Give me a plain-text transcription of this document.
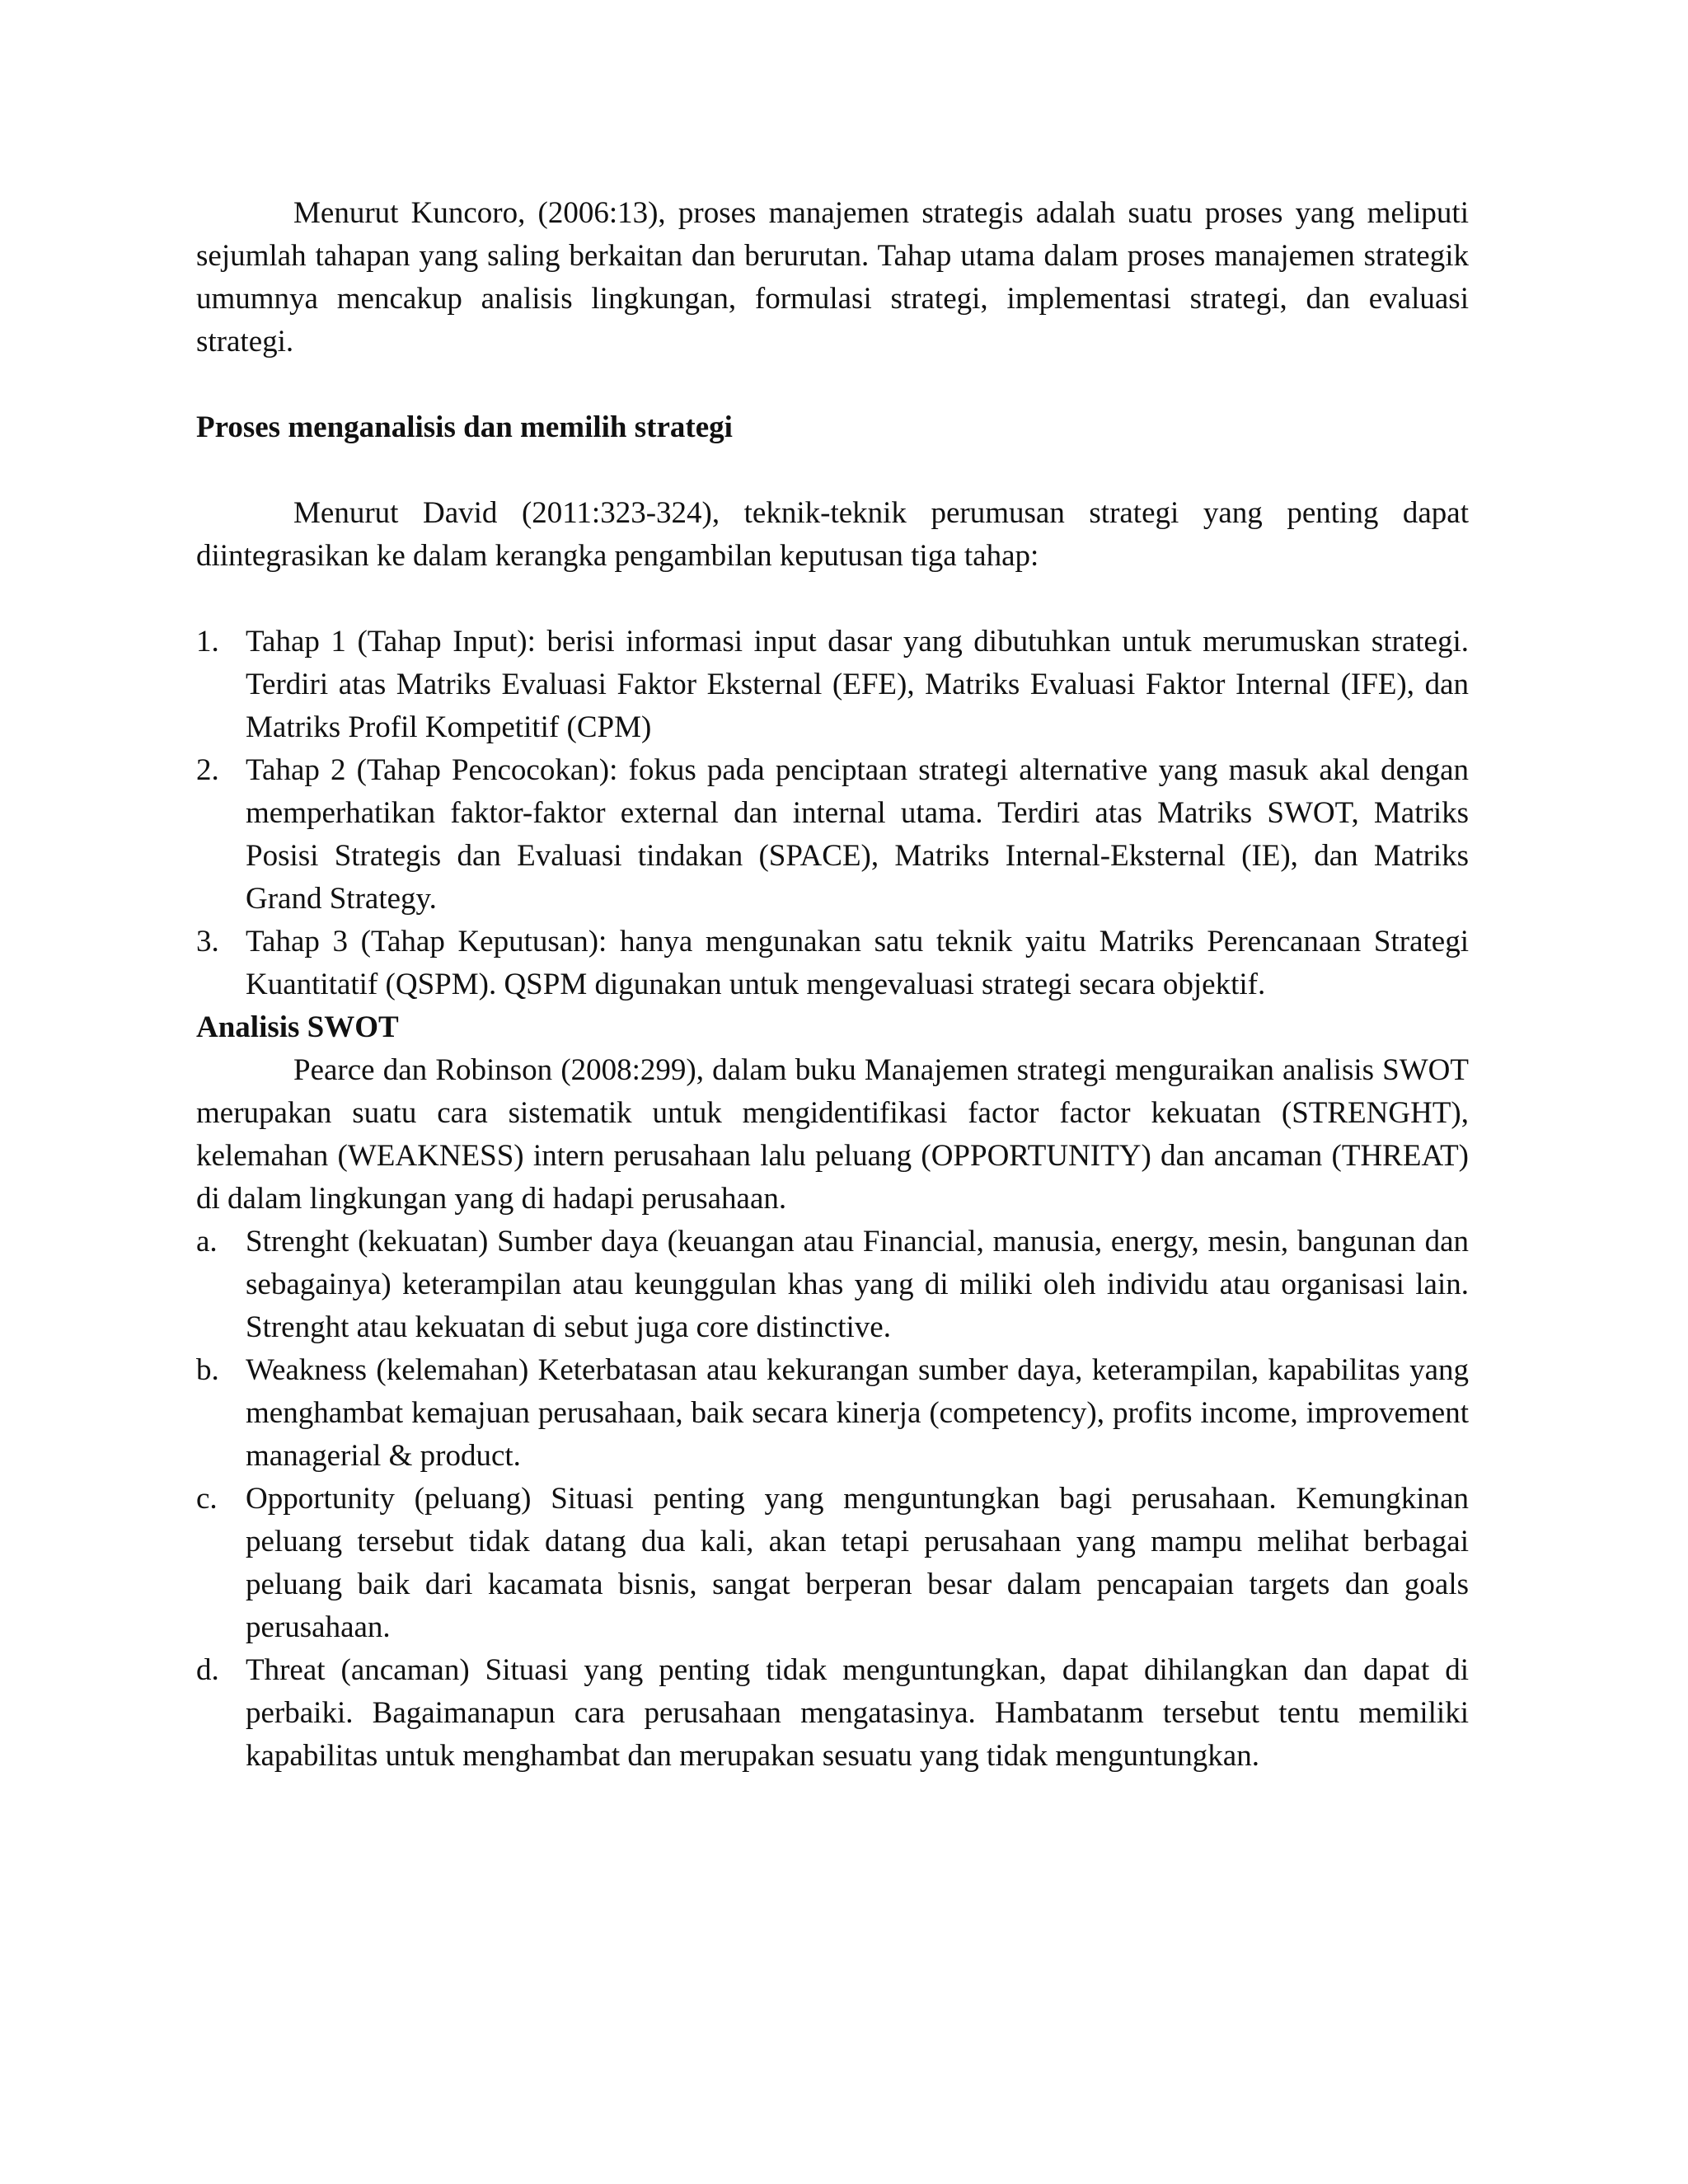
Menurut Kuncoro, (2006:13), proses manajemen strategis adalah suatu proses yang meliputi sejumlah tahapan yang saling berkaitan dan berurutan. Tahap utama dalam proses manajemen strategik umumnya mencakup analisis lingkungan, formulasi strategi, implementasi strategi, dan evaluasi strategi.

Proses menganalisis dan memilih strategi

Menurut David (2011:323-324), teknik-teknik perumusan strategi yang penting dapat diintegrasikan ke dalam kerangka pengambilan keputusan tiga tahap:

1. Tahap 1 (Tahap Input): berisi informasi input dasar yang dibutuhkan untuk merumuskan strategi. Terdiri atas Matriks Evaluasi Faktor Eksternal (EFE), Matriks Evaluasi Faktor Internal (IFE), dan Matriks Profil Kompetitif (CPM)
2. Tahap 2 (Tahap Pencocokan): fokus pada penciptaan strategi alternative yang masuk akal dengan memperhatikan faktor-faktor external dan internal utama. Terdiri atas Matriks SWOT, Matriks Posisi Strategis dan Evaluasi tindakan (SPACE), Matriks Internal-Eksternal (IE), dan Matriks Grand Strategy.
3. Tahap 3 (Tahap Keputusan): hanya mengunakan satu teknik yaitu Matriks Perencanaan Strategi Kuantitatif (QSPM). QSPM digunakan untuk mengevaluasi strategi secara objektif.

Analisis SWOT

Pearce dan Robinson (2008:299), dalam buku Manajemen strategi menguraikan analisis SWOT merupakan suatu cara sistematik untuk mengidentifikasi factor factor kekuatan (STRENGHT), kelemahan (WEAKNESS) intern perusahaan lalu peluang (OPPORTUNITY) dan ancaman (THREAT) di dalam lingkungan yang di hadapi perusahaan.

a. Strenght (kekuatan) Sumber daya (keuangan atau Financial, manusia, energy, mesin, bangunan dan sebagainya) keterampilan atau keunggulan khas yang di miliki oleh individu atau organisasi lain. Strenght atau kekuatan di sebut juga core distinctive.
b. Weakness (kelemahan) Keterbatasan atau kekurangan sumber daya, keterampilan, kapabilitas yang menghambat kemajuan perusahaan, baik secara kinerja (competency), profits income, improvement managerial & product.
c. Opportunity (peluang) Situasi penting yang menguntungkan bagi perusahaan. Kemungkinan peluang tersebut tidak datang dua kali, akan tetapi perusahaan yang mampu melihat berbagai peluang baik dari kacamata bisnis, sangat berperan besar dalam pencapaian targets dan goals perusahaan.
d. Threat (ancaman) Situasi yang penting tidak menguntungkan, dapat dihilangkan dan dapat di perbaiki. Bagaimanapun cara perusahaan mengatasinya. Hambatanm tersebut tentu memiliki kapabilitas untuk menghambat dan merupakan sesuatu yang tidak menguntungkan.
